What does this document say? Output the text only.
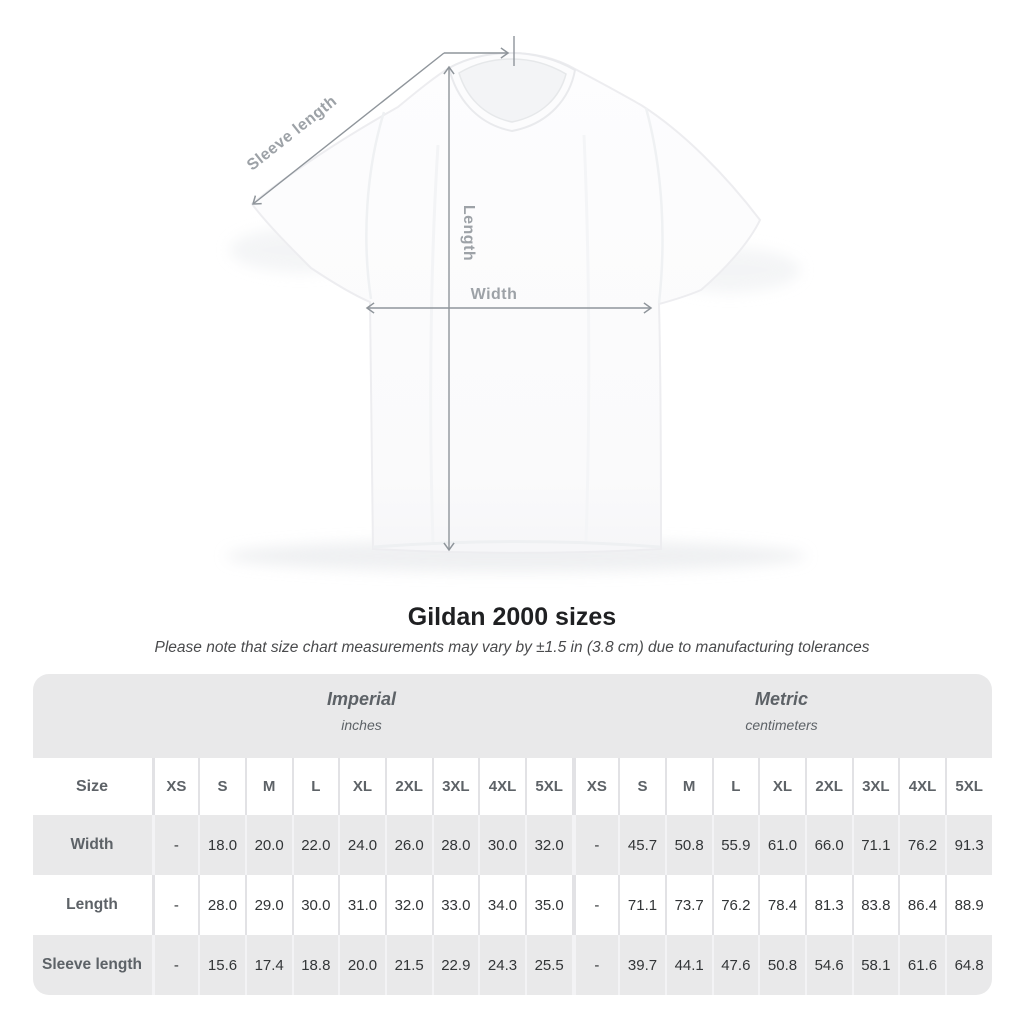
Sleeve length
Length
Width
Gildan 2000 sizes

Please note that size chart measurements may vary by ±1.5 in (3.8 cm) due to manufacturing tolerances

Imperial
inches
Metric
centimeters
Size	XS	S	M	L	XL	2XL	3XL	4XL	5XL	XS	S	M	L	XL	2XL	3XL	4XL	5XL
Width	-	18.0	20.0	22.0	24.0	26.0	28.0	30.0	32.0	-	45.7	50.8	55.9	61.0	66.0	71.1	76.2	91.3
Length	-	28.0	29.0	30.0	31.0	32.0	33.0	34.0	35.0	-	71.1	73.7	76.2	78.4	81.3	83.8	86.4	88.9
Sleeve length	-	15.6	17.4	18.8	20.0	21.5	22.9	24.3	25.5	-	39.7	44.1	47.6	50.8	54.6	58.1	61.6	64.8
